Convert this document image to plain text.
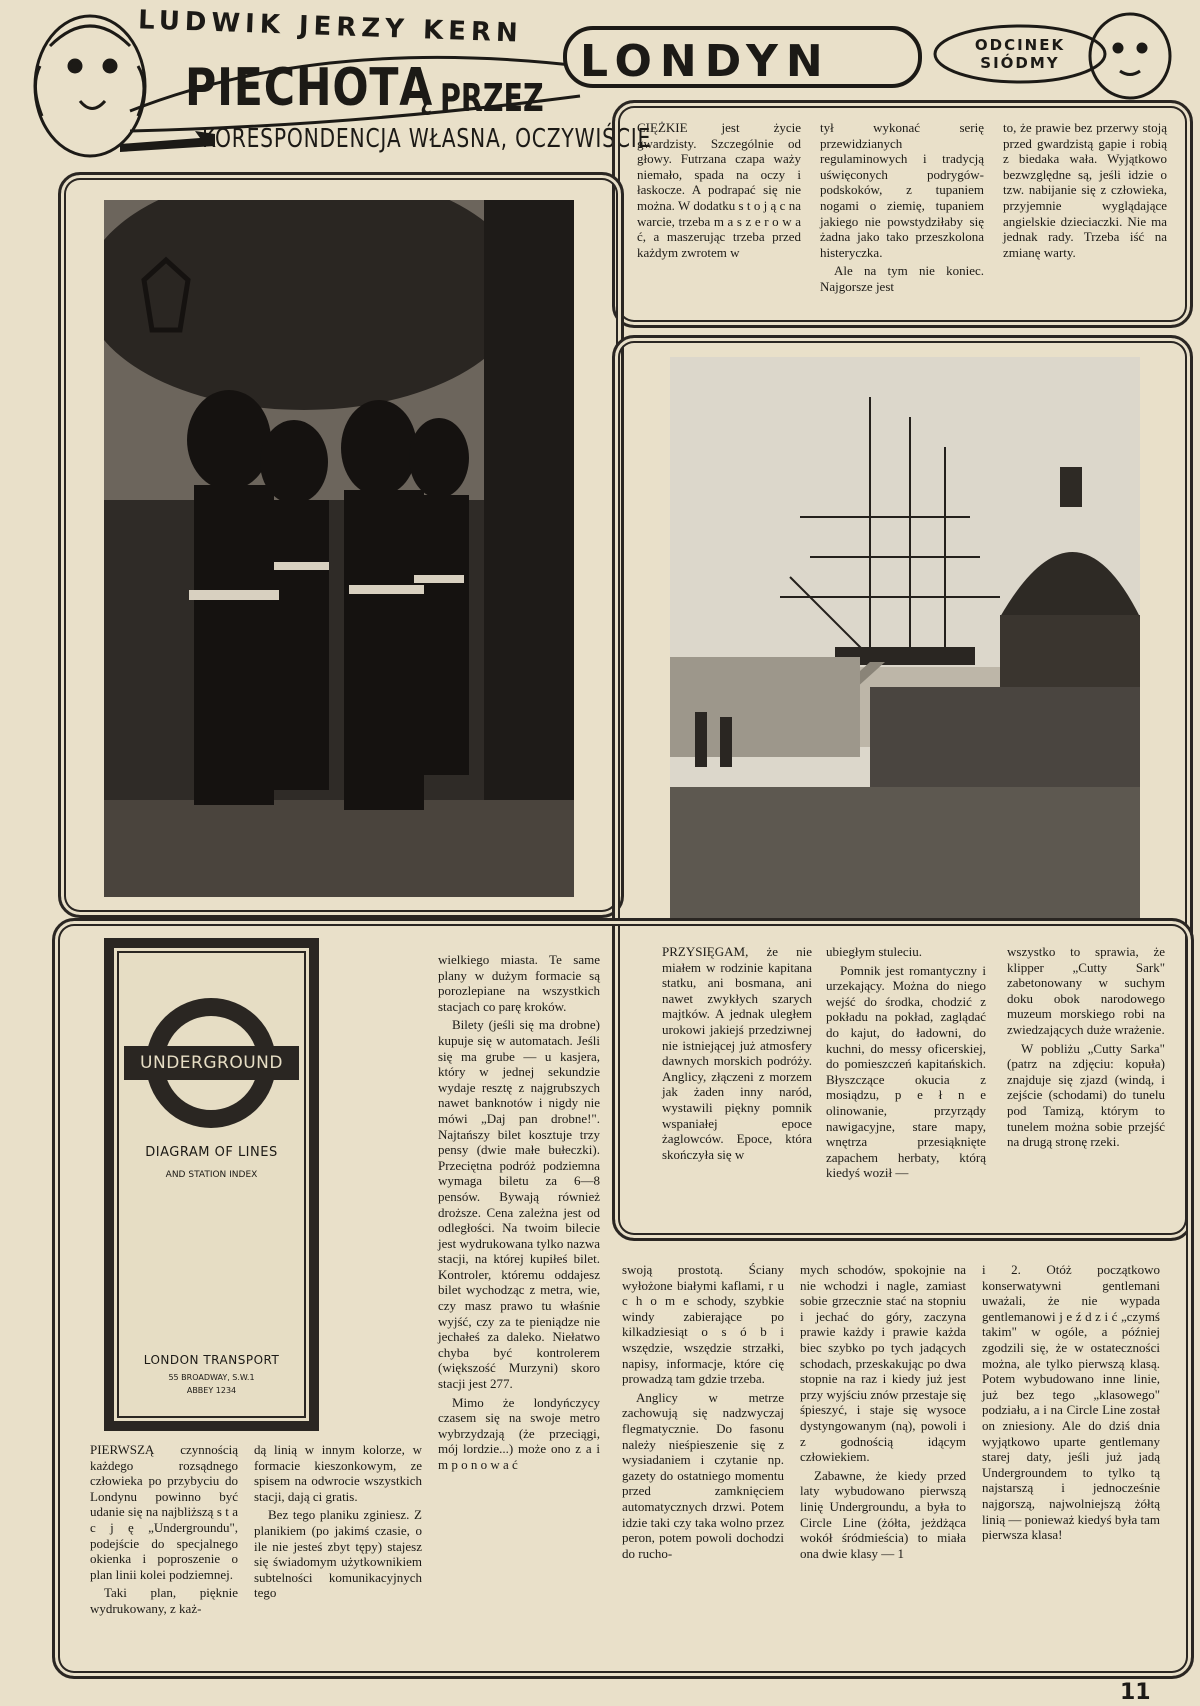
LUDWIK JERZY KERN
PIECHOTĄ PRZEZ
LONDYN	ODCINEK SIÓDMY
KORESPONDENCJA WŁASNA, OCZYWIŚCIE

CIĘŻKIE jest życie gwardzisty. Szczególnie od głowy. Futrzana czapa waży niemało, spada na oczy i łaskocze. A podrapać się nie można. W dodatku s t o j ą c na warcie, trzeba m a s z e r o w a ć, a maszerując trzeba przed każdym zwrotem w

tył wykonać serię przewidzianych regulaminowych i tradycją uświęconych podrygów-podskoków, z tupaniem nogami o ziemię, tupaniem jakiego nie powstydziłaby się żadna jako tako przeszkolona histeryczka.

Ale na tym nie koniec. Najgorsze jest

to, że prawie bez przerwy stoją przed gwardzistą gapie i robią z biedaka wała. Wyjątkowo bezwzględne są, jeśli idzie o tzw. nabijanie się z człowieka, przyjemnie wyglądające angielskie dzieciaczki. Nie ma jednak rady. Trzeba iść na zmianę warty.

PRZYSIĘGAM, że nie miałem w rodzinie kapitana statku, ani bosmana, ani nawet zwykłych szarych majtków. A jednak uległem urokowi jakiejś przedziwnej nie istniejącej już atmosfery dawnych morskich podróży. Anglicy, złączeni z morzem jak żaden inny naród, wystawili piękny pomnik wspaniałej epoce żaglowców. Epoce, która skończyła się w

ubiegłym stuleciu.

Pomnik jest romantyczny i urzekający. Można do niego wejść do środka, chodzić z pokładu na pokład, zaglądać do kajut, do ładowni, do kuchni, do messy oficerskiej, do pomieszczeń kapitańskich. Błyszczące okucia z mosiądzu, p e ł n e olinowanie, przyrządy nawigacyjne, stare mapy, wnętrza przesiąknięte zapachem herbaty, którą kiedyś woził —

wszystko to sprawia, że klipper „Cutty Sark" zabetonowany w suchym doku obok narodowego muzeum morskiego robi na zwiedzających duże wrażenie.

W pobliżu „Cutty Sarka" (patrz na zdjęciu: kopuła) znajduje się zjazd (windą, i zejście (schodami) do tunelu pod Tamizą, którym to tunelem można sobie przejść na drugą stronę rzeki.

UNDERGROUND
DIAGRAM OF LINES
AND STATION INDEX
LONDON TRANSPORT
55 BROADWAY, S.W.1
ABBEY 1234

PIERWSZĄ czynnością każdego rozsądnego człowieka po przybyciu do Londynu powinno być udanie się na najbliższą s t a c j ę „Undergroundu", podejście do specjalnego okienka i poproszenie o plan linii kolei podziemnej.

Taki plan, pięknie wydrukowany, z każ-

dą linią w innym kolorze, w formacie kieszonkowym, ze spisem na odwrocie wszystkich stacji, dają ci gratis.

Bez tego planiku zginiesz. Z planikiem (po jakimś czasie, o ile nie jesteś zbyt tępy) stajesz się świadomym użytkownikiem subtelności komunikacyjnych tego

wielkiego miasta. Te same plany w dużym formacie są porozlepiane na wszystkich stacjach co parę kroków.

Bilety (jeśli się ma drobne) kupuje się w automatach. Jeśli się ma grube — u kasjera, który w jednej sekundzie wydaje resztę z najgrubszych nawet banknotów i nigdy nie mówi „Daj pan drobne!". Najtańszy bilet kosztuje trzy pensy (dwie małe bułeczki). Przeciętna podróż podziemna wymaga biletu za 6—8 pensów. Bywają również droższe. Cena zależna jest od odległości. Na twoim bilecie jest wydrukowana tylko nazwa stacji, na której kupiłeś bilet. Kontroler, któremu oddajesz bilet wychodząc z metra, wie, czy masz prawo tu właśnie wyjść, czy za te pieniądze nie jechałeś za daleko. Niełatwo chyba być kontrolerem (większość Murzyni) skoro stacji jest 277.

Mimo że londyńczycy czasem się na swoje metro wybrzydzają (że przeciągi, mój lordzie...) może ono z a i m p o n o w a ć

swoją prostotą. Ściany wyłożone białymi kaflami, r u c h o m e schody, szybkie windy zabierające po kilkadziesiąt o s ó b i wszędzie, wszędzie strzałki, napisy, informacje, które cię prowadzą tam gdzie trzeba.

Anglicy w metrze zachowują się nadzwyczaj flegmatycznie. Do fasonu należy nieśpieszenie się z wysiadaniem i czytanie np. gazety do ostatniego momentu przed zamknięciem automatycznych drzwi. Potem idzie taki czy taka wolno przez peron, potem powoli dochodzi do rucho-

mych schodów, spokojnie na nie wchodzi i nagle, zamiast sobie grzecznie stać na stopniu i jechać do góry, zaczyna prawie każdy i prawie każda biec szybko po tych jadących schodach, przeskakując po dwa stopnie na raz i kiedy już jest przy wyjściu znów przestaje się śpieszyć, i staje się wysoce dystyngowanym (ną), powoli i z godnością idącym człowiekiem.

Zabawne, że kiedy przed laty wybudowano pierwszą linię Undergroundu, a była to Circle Line (żółta, jeżdżąca wokół śródmieścia) to miała ona dwie klasy — 1

i 2. Otóż początkowo konserwatywni gentlemani uważali, że nie wypada gentlemanowi j e ź d z i ć „czymś takim" w ogóle, a później zgodzili się, że w ostateczności można, ale tylko pierwszą klasą. Potem wybudowano inne linie, już bez tego „klasowego" podziału, a i na Circle Line został on zniesiony. Ale do dziś dnia wyjątkowo uparte gentlemany starej daty, jeśli już jadą Undergroundem to tylko tą najstarszą i jednocześnie najgorszą, najwolniejszą żółtą linią — ponieważ kiedyś była tam pierwsza klasa!

11
